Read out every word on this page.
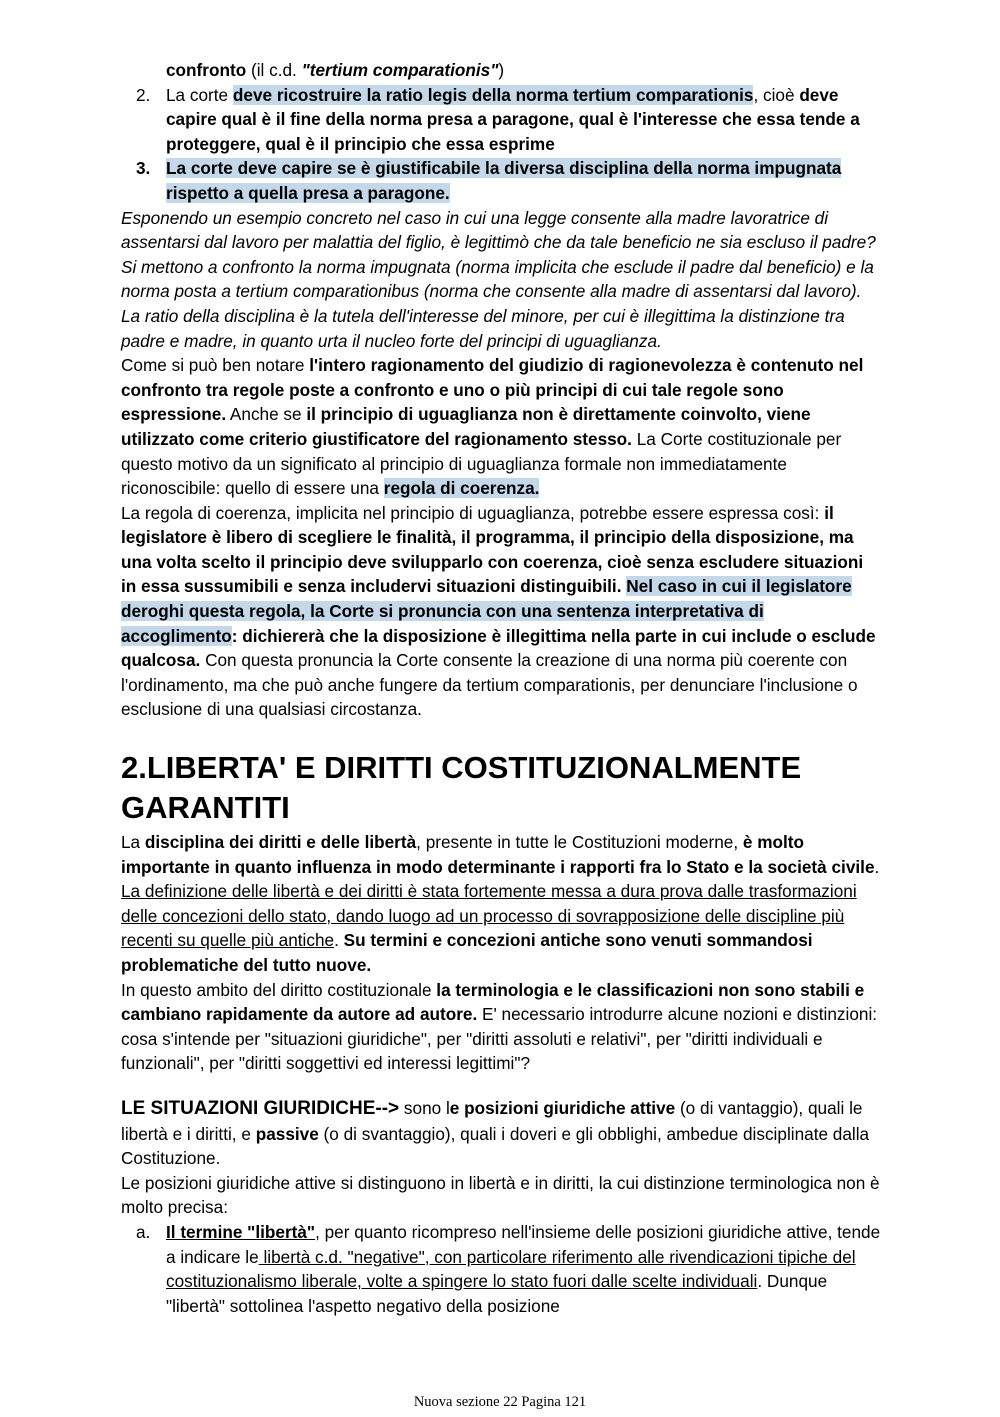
confronto (il c.d. "tertium comparationis")
2. La corte deve ricostruire la ratio legis della norma tertium comparationis, cioè deve capire qual è il fine della norma presa a paragone, qual è l'interesse che essa tende a proteggere, qual è il principio che essa esprime
3. La corte deve capire se è giustificabile la diversa disciplina della norma impugnata rispetto a quella presa a paragone.

Esponendo un esempio concreto nel caso in cui una legge consente alla madre lavoratrice di assentarsi dal lavoro per malattia del figlio, è legittimò che da tale beneficio ne sia escluso il padre? Si mettono a confronto la norma impugnata (norma implicita che esclude il padre dal beneficio) e la norma posta a tertium comparationibus (norma che consente alla madre di assentarsi dal lavoro). La ratio della disciplina è la tutela dell'interesse del minore, per cui è illegittima la distinzione tra padre e madre, in quanto urta il nucleo forte del principi di uguaglianza.

Come si può ben notare l'intero ragionamento del giudizio di ragionevolezza è contenuto nel confronto tra regole poste a confronto e uno o più principi di cui tale regole sono espressione. Anche se il principio di uguaglianza non è direttamente coinvolto, viene utilizzato come criterio giustificatore del ragionamento stesso. La Corte costituzionale per questo motivo da un significato al principio di uguaglianza formale non immediatamente riconoscibile: quello di essere una regola di coerenza.

La regola di coerenza, implicita nel principio di uguaglianza, potrebbe essere espressa così: il legislatore è libero di scegliere le finalità, il programma, il principio della disposizione, ma una volta scelto il principio deve svilupparlo con coerenza, cioè senza escludere situazioni in essa sussumibili e senza includervi situazioni distinguibili. Nel caso in cui il legislatore deroghi questa regola, la Corte si pronuncia con una sentenza interpretativa di accoglimento: dichiererà che la disposizione è illegittima nella parte in cui include o esclude qualcosa. Con questa pronuncia la Corte consente la creazione di una norma più coerente con l'ordinamento, ma che può anche fungere da tertium comparationis, per denunciare l'inclusione o esclusione di una qualsiasi circostanza.

2.LIBERTA' E DIRITTI COSTITUZIONALMENTE GARANTITI

La disciplina dei diritti e delle libertà, presente in tutte le Costituzioni moderne, è molto importante in quanto influenza in modo determinante i rapporti fra lo Stato e la società civile. La definizione delle libertà e dei diritti è stata fortemente messa a dura prova dalle trasformazioni delle concezioni dello stato, dando luogo ad un processo di sovrapposizione delle discipline più recenti su quelle più antiche. Su termini e concezioni antiche sono venuti sommandosi problematiche del tutto nuove.

In questo ambito del diritto costituzionale la terminologia e le classificazioni non sono stabili e cambiano rapidamente da autore ad autore. E' necessario introdurre alcune nozioni e distinzioni: cosa s'intende per "situazioni giuridiche", per "diritti assoluti e relativi", per "diritti individuali e funzionali", per "diritti soggettivi ed interessi legittimi"?

LE SITUAZIONI GIURIDICHE--> sono le posizioni giuridiche attive (o di vantaggio), quali le libertà e i diritti, e passive (o di svantaggio), quali i doveri e gli obblighi, ambedue disciplinate dalla Costituzione.

Le posizioni giuridiche attive si distinguono in libertà e in diritti, la cui distinzione terminologica non è molto precisa:

a. Il termine "libertà", per quanto ricompreso nell'insieme delle posizioni giuridiche attive, tende a indicare le libertà c.d. "negative", con particolare riferimento alle rivendicazioni tipiche del costituzionalismo liberale, volte a spingere lo stato fuori dalle scelte individuali. Dunque "libertà" sottolinea l'aspetto negativo della posizione
Nuova sezione 22 Pagina 121
